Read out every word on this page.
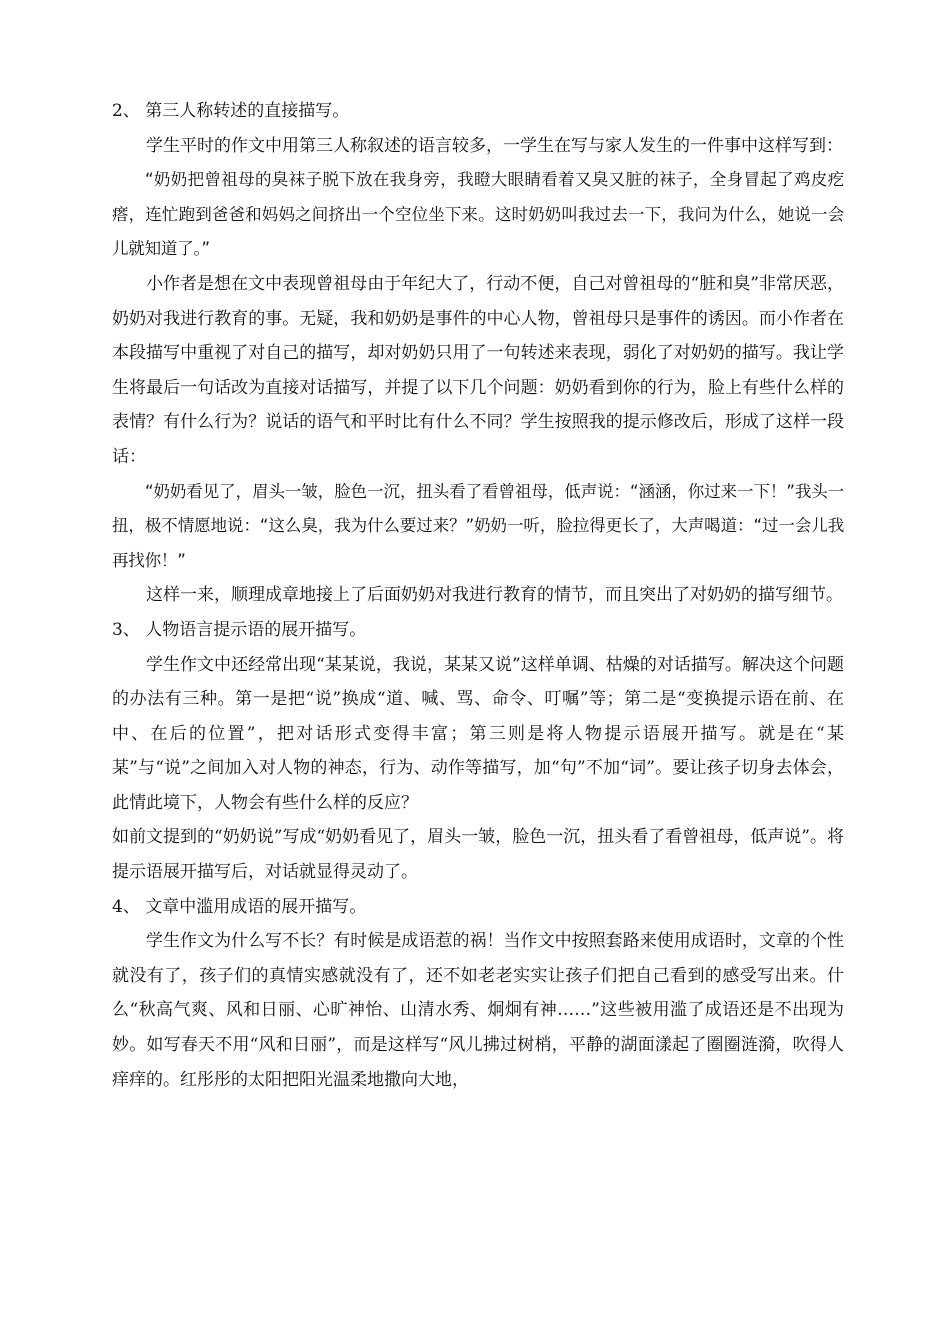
2、 第三人称转述的直接描写。

学生平时的作文中用第三人称叙述的语言较多，一学生在写与家人发生的一件事中这样写到：

“奶奶把曾祖母的臭袜子脱下放在我身旁，我瞪大眼睛看着又臭又脏的袜子，全身冒起了鸡皮疙瘩，连忙跑到爸爸和妈妈之间挤出一个空位坐下来。这时奶奶叫我过去一下，我问为什么，她说一会儿就知道了。”

小作者是想在文中表现曾祖母由于年纪大了，行动不便，自己对曾祖母的“脏和臭”非常厌恶，奶奶对我进行教育的事。无疑，我和奶奶是事件的中心人物，曾祖母只是事件的诱因。而小作者在本段描写中重视了对自己的描写，却对奶奶只用了一句转述来表现，弱化了对奶奶的描写。我让学生将最后一句话改为直接对话描写，并提了以下几个问题：奶奶看到你的行为，脸上有些什么样的表情？有什么行为？说话的语气和平时比有什么不同？学生按照我的提示修改后，形成了这样一段话：

“奶奶看见了，眉头一皱，脸色一沉，扭头看了看曾祖母，低声说：“涵涵，你过来一下！”我头一扭，极不情愿地说：“这么臭，我为什么要过来？”奶奶一听，脸拉得更长了，大声喝道：“过一会儿我再找你！”

这样一来，顺理成章地接上了后面奶奶对我进行教育的情节，而且突出了对奶奶的描写细节。

3、 人物语言提示语的展开描写。

学生作文中还经常出现“某某说，我说，某某又说”这样单调、枯燥的对话描写。解决这个问题的办法有三种。第一是把“说”换成“道、喊、骂、命令、叮嘱”等；第二是“变换提示语在前、在中、在后的位置”，把对话形式变得丰富；第三则是将人物提示语展开描写。就是在“某某”与“说”之间加入对人物的神态，行为、动作等描写，加“句”不加“词”。要让孩子切身去体会，此情此境下，人物会有些什么样的反应？

如前文提到的“奶奶说”写成“奶奶看见了，眉头一皱，脸色一沉，扭头看了看曾祖母，低声说”。将提示语展开描写后，对话就显得灵动了。

4、 文章中滥用成语的展开描写。

学生作文为什么写不长？有时候是成语惹的祸！当作文中按照套路来使用成语时，文章的个性就没有了，孩子们的真情实感就没有了，还不如老老实实让孩子们把自己看到的感受写出来。什么“秋高气爽、风和日丽、心旷神怡、山清水秀、炯炯有神……”这些被用滥了成语还是不出现为妙。如写春天不用“风和日丽”，而是这样写“风儿拂过树梢，平静的湖面漾起了圈圈涟漪，吹得人痒痒的。红彤彤的太阳把阳光温柔地撒向大地，
